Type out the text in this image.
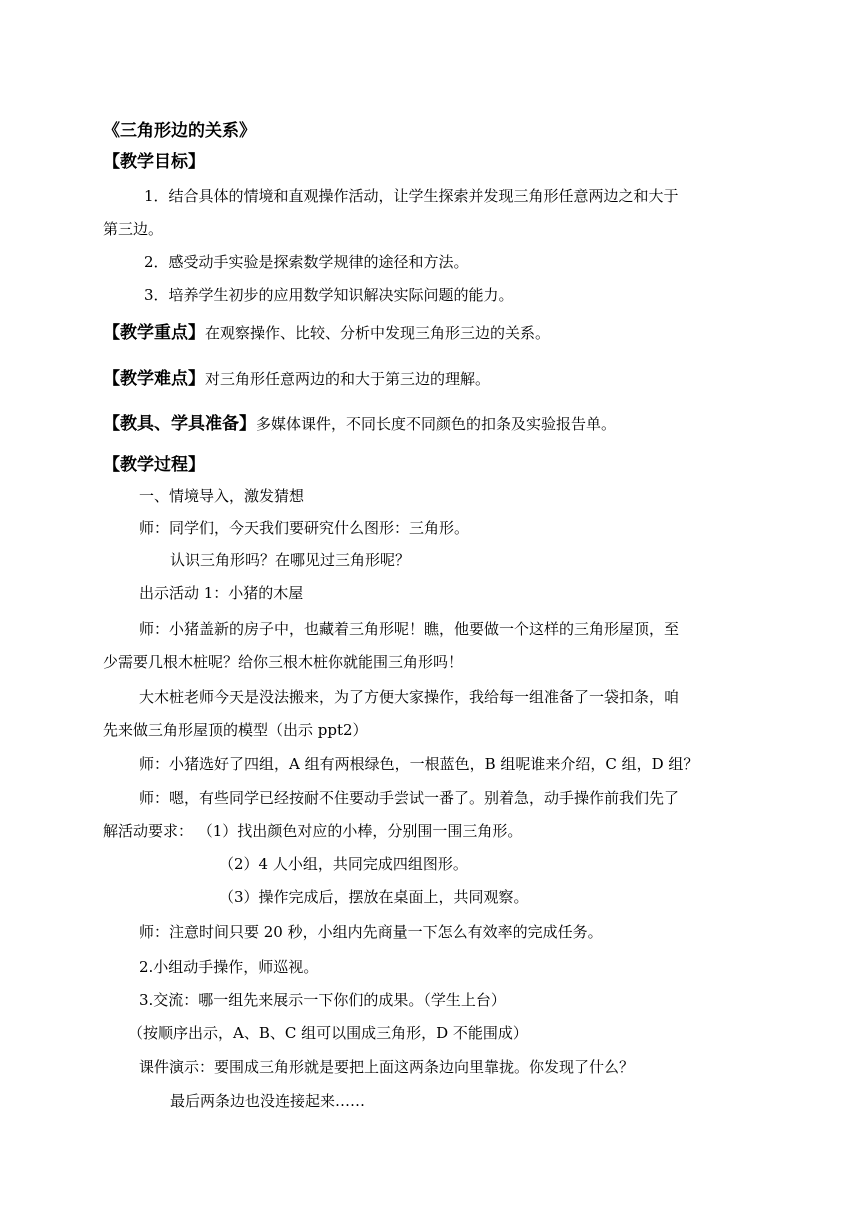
《三角形边的关系》
【教学目标】
1．结合具体的情境和直观操作活动，让学生探索并发现三角形任意两边之和大于
第三边。
2．感受动手实验是探索数学规律的途径和方法。
3．培养学生初步的应用数学知识解决实际问题的能力。
【教学重点】在观察操作、比较、分析中发现三角形三边的关系。
【教学难点】对三角形任意两边的和大于第三边的理解。
【教具、学具准备】多媒体课件，不同长度不同颜色的扣条及实验报告单。
【教学过程】
一、情境导入，激发猜想
师：同学们，今天我们要研究什么图形：三角形。
认识三角形吗？在哪见过三角形呢？
出示活动 1：小猪的木屋
师：小猪盖新的房子中，也藏着三角形呢！瞧，他要做一个这样的三角形屋顶，至
少需要几根木桩呢？给你三根木桩你就能围三角形吗！
大木桩老师今天是没法搬来，为了方便大家操作，我给每一组准备了一袋扣条，咱
先来做三角形屋顶的模型（出示 ppt2）
师：小猪选好了四组，A 组有两根绿色，一根蓝色，B 组呢谁来介绍，C 组，D 组？
师：嗯，有些同学已经按耐不住要动手尝试一番了。别着急，动手操作前我们先了
解活动要求： （1）找出颜色对应的小棒，分别围一围三角形。
（2）4 人小组，共同完成四组图形。
（3）操作完成后，摆放在桌面上，共同观察。
师：注意时间只要 20 秒，小组内先商量一下怎么有效率的完成任务。
2.小组动手操作，师巡视。
3.交流：哪一组先来展示一下你们的成果。（学生上台）
（按顺序出示，A、B、C 组可以围成三角形，D 不能围成）
课件演示：要围成三角形就是要把上面这两条边向里靠拢。你发现了什么？
最后两条边也没连接起来……
